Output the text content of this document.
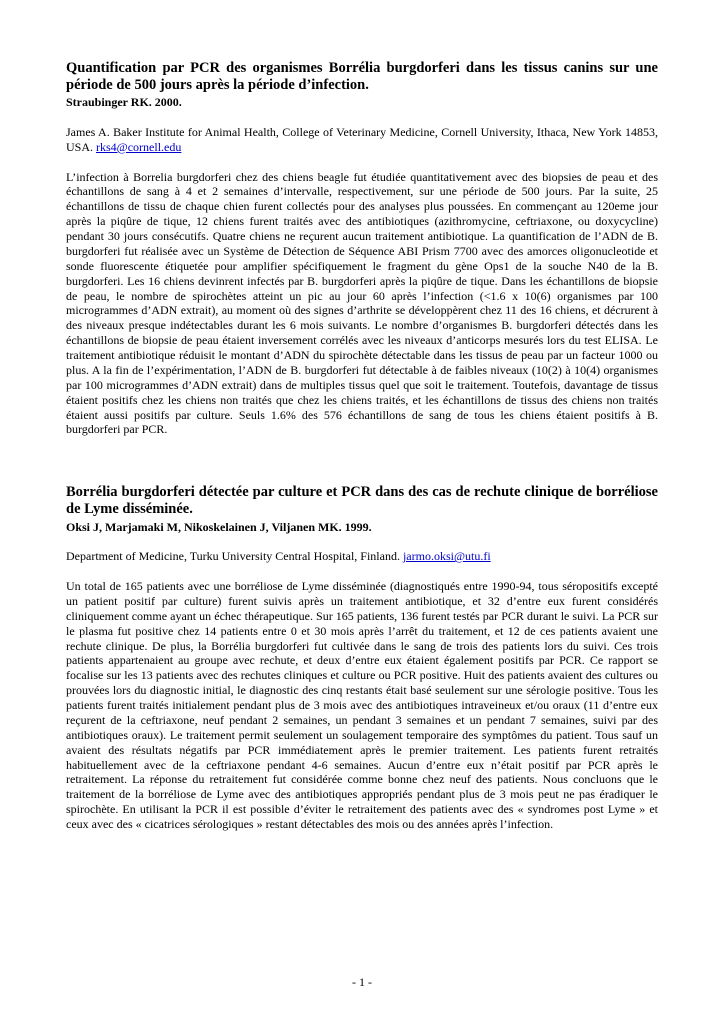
Quantification par PCR des organismes Borrélia burgdorferi dans les tissus canins sur une période de 500 jours après la période d’infection.

Straubinger RK. 2000.

James A. Baker Institute for Animal Health, College of Veterinary Medicine, Cornell University, Ithaca, New York 14853, USA. rks4@cornell.edu

L’infection à Borrelia burgdorferi chez des chiens beagle fut étudiée quantitativement avec des biopsies de peau et des échantillons de sang à 4 et 2 semaines d’intervalle, respectivement, sur une période de 500 jours. Par la suite, 25 échantillons de tissu de chaque chien furent collectés pour des analyses plus poussées. En commençant au 120eme jour après la piqûre de tique, 12 chiens furent traités avec des antibiotiques (azithromycine, ceftriaxone, ou doxycycline) pendant 30 jours consécutifs. Quatre chiens ne reçurent aucun traitement antibiotique. La quantification de l’ADN de B. burgdorferi fut réalisée avec un Système de Détection de Séquence ABI Prism 7700 avec des amorces oligonucleotide et sonde fluorescente étiquetée pour amplifier spécifiquement le fragment du gène Ops1 de la souche N40 de la B. burgdorferi. Les 16 chiens devinrent infectés par B. burgdorferi après la piqûre de tique. Dans les échantillons de biopsie de peau, le nombre de spirochètes atteint un pic au jour 60 après l’infection (<1.6 x 10(6) organismes par 100 microgrammes d’ADN extrait), au moment où des signes d’arthrite se développèrent chez 11 des 16 chiens, et décrurent à des niveaux presque indétectables durant les 6 mois suivants. Le nombre d’organismes B. burgdorferi détectés dans les échantillons de biopsie de peau étaient inversement corrélés avec les niveaux d’anticorps mesurés lors du test ELISA. Le traitement antibiotique réduisit le montant d’ADN du spirochète détectable dans les tissus de peau par un facteur 1000 ou plus. A la fin de l’expérimentation, l’ADN de B. burgdorferi fut détectable à de faibles niveaux (10(2) à 10(4) organismes par 100 microgrammes d’ADN extrait) dans de multiples tissus quel que soit le traitement. Toutefois, davantage de tissus étaient positifs chez les chiens non traités que chez les chiens traités, et les échantillons de tissus des chiens non traités étaient aussi positifs par culture. Seuls 1.6% des 576 échantillons de sang de tous les chiens étaient positifs à B. burgdorferi par PCR.

Borrélia burgdorferi détectée par culture et PCR dans des cas de rechute clinique de borréliose de Lyme disséminée.

Oksi J, Marjamaki M, Nikoskelainen J, Viljanen MK. 1999.

Department of Medicine, Turku University Central Hospital, Finland. jarmo.oksi@utu.fi

Un total de 165 patients avec une borréliose de Lyme disséminée (diagnostiqués entre 1990-94, tous séropositifs excepté un patient positif par culture) furent suivis après un traitement antibiotique, et 32 d’entre eux furent considérés cliniquement comme ayant un échec thérapeutique. Sur 165 patients, 136 furent testés par PCR durant le suivi. La PCR sur le plasma fut positive chez 14 patients entre 0 et 30 mois après l’arrêt du traitement, et 12 de ces patients avaient une rechute clinique. De plus, la Borrélia burgdorferi fut cultivée dans le sang de trois des patients lors du suivi. Ces trois patients appartenaient au groupe avec rechute, et deux d’entre eux étaient également positifs par PCR. Ce rapport se focalise sur les 13 patients avec des rechutes cliniques et culture ou PCR positive. Huit des patients avaient des cultures ou prouvées lors du diagnostic initial, le diagnostic des cinq restants était basé seulement sur une sérologie positive. Tous les patients furent traités initialement pendant plus de 3 mois avec des antibiotiques intraveineux et/ou oraux (11 d’entre eux reçurent de la ceftriaxone, neuf pendant 2 semaines, un pendant 3 semaines et un pendant 7 semaines, suivi par des antibiotiques oraux). Le traitement permit seulement un soulagement temporaire des symptômes du patient. Tous sauf un avaient des résultats négatifs par PCR immédiatement après le premier traitement. Les patients furent retraités habituellement avec de la ceftriaxone pendant 4-6 semaines. Aucun d’entre eux n’était positif par PCR après le retraitement. La réponse du retraitement fut considérée comme bonne chez neuf des patients. Nous concluons que le traitement de la borréliose de Lyme avec des antibiotiques appropriés pendant plus de 3 mois peut ne pas éradiquer le spirochète. En utilisant la PCR il est possible d’éviter le retraitement des patients avec des « syndromes post Lyme » et ceux avec des « cicatrices sérologiques » restant détectables des mois ou des années après l’infection.

- 1 -
